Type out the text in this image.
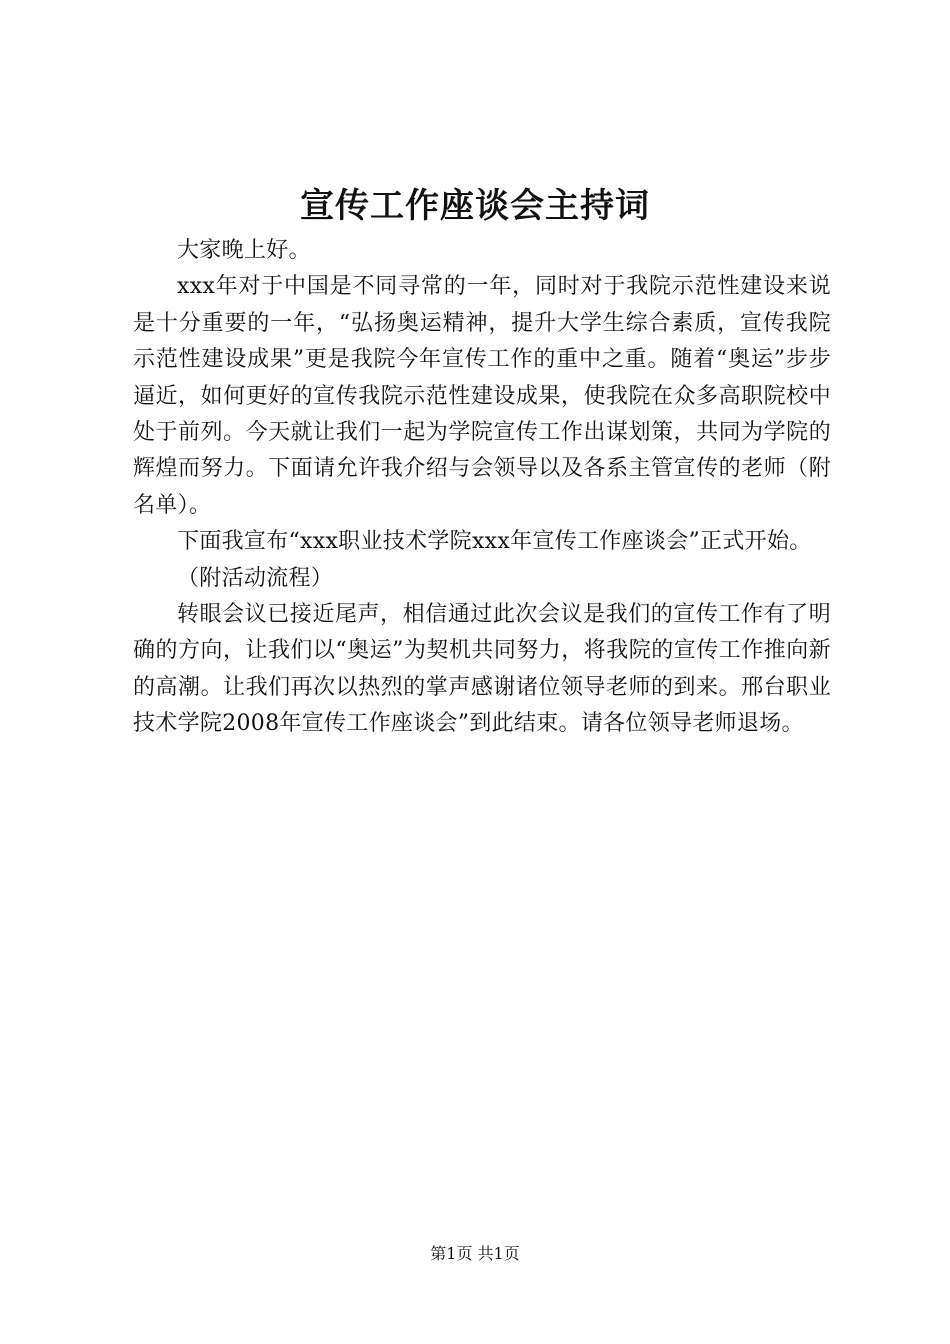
宣传工作座谈会主持词

大家晚上好。

xxx年对于中国是不同寻常的一年，同时对于我院示范性建设来说是十分重要的一年，“弘扬奥运精神，提升大学生综合素质，宣传我院示范性建设成果”更是我院今年宣传工作的重中之重。随着“奥运”步步逼近，如何更好的宣传我院示范性建设成果，使我院在众多高职院校中处于前列。今天就让我们一起为学院宣传工作出谋划策，共同为学院的辉煌而努力。下面请允许我介绍与会领导以及各系主管宣传的老师（附名单）。

下面我宣布“xxx职业技术学院xxx年宣传工作座谈会”正式开始。

（附活动流程）

转眼会议已接近尾声，相信通过此次会议是我们的宣传工作有了明确的方向，让我们以“奥运”为契机共同努力，将我院的宣传工作推向新的高潮。让我们再次以热烈的掌声感谢诸位领导老师的到来。邢台职业技术学院2008年宣传工作座谈会”到此结束。请各位领导老师退场。

第1页 共1页
